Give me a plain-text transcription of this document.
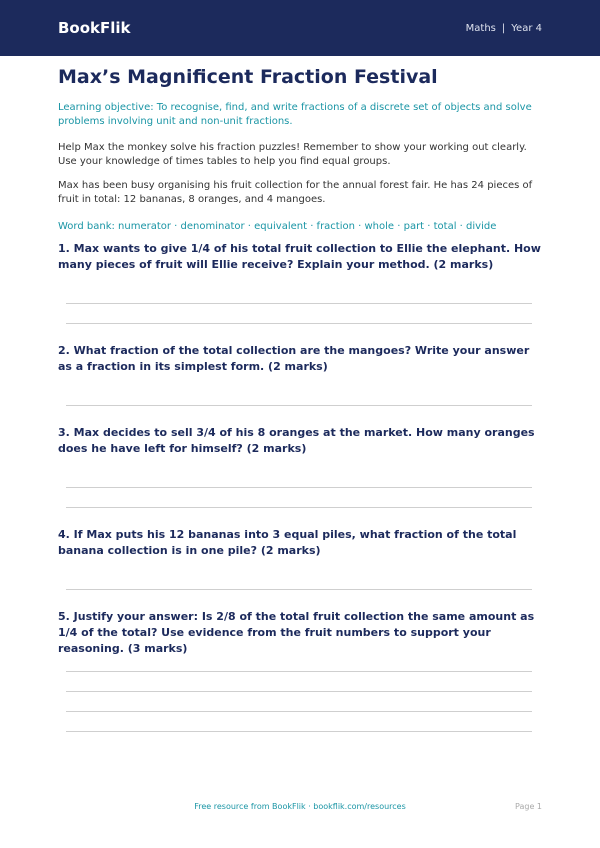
BookFlik	Maths | Year 4
Max’s Magnificent Fraction Festival
Learning objective: To recognise, find, and write fractions of a discrete set of objects and solve problems involving unit and non-unit fractions.
Help Max the monkey solve his fraction puzzles! Remember to show your working out clearly. Use your knowledge of times tables to help you find equal groups.
Max has been busy organising his fruit collection for the annual forest fair. He has 24 pieces of fruit in total: 12 bananas, 8 oranges, and 4 mangoes.
Word bank: numerator · denominator · equivalent · fraction · whole · part · total · divide
1. Max wants to give 1/4 of his total fruit collection to Ellie the elephant. How many pieces of fruit will Ellie receive? Explain your method. (2 marks)
2. What fraction of the total collection are the mangoes? Write your answer as a fraction in its simplest form. (2 marks)
3. Max decides to sell 3/4 of his 8 oranges at the market. How many oranges does he have left for himself? (2 marks)
4. If Max puts his 12 bananas into 3 equal piles, what fraction of the total banana collection is in one pile? (2 marks)
5. Justify your answer: Is 2/8 of the total fruit collection the same amount as 1/4 of the total? Use evidence from the fruit numbers to support your reasoning. (3 marks)
Free resource from BookFlik · bookflik.com/resources	Page 1
